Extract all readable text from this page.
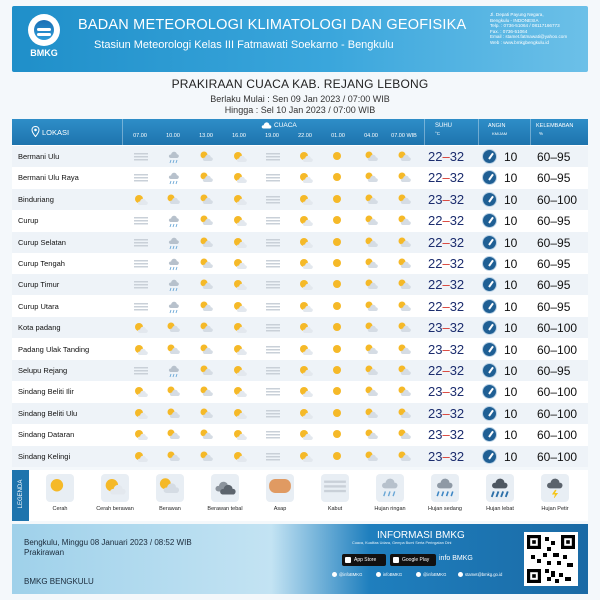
BMKG
BADAN METEOROLOGI KLIMATOLOGI DAN GEOFISIKA
Stasiun Meteorologi Kelas III Fatmawati Soekarno - Bengkulu
Jl. Depati Payung Negara,
Bengkulu - INDONESIA
Telp. : 0736-51064 / 08117166773
Fax. : 0736-51064
Email : stamet.fatmawati@yahoo.com
Web : www.bmkgbengkulu.id
PRAKIRAAN CUACA KAB. REJANG LEBONG
Berlaku Mulai : Sen 09 Jan 2023 / 07:00 WIB
Hingga : Sel 10 Jan 2023 / 07:00 WIB
LOKASI
CUACA
07.00	10.00	13.00	16.00	19.00	22.00	01.00	04.00	07.00 WIB
SUHU
°C
ANGIN
KM/JAM
KELEMBABAN
%
Bermani Ulu	22–32	10 60–95
Bermani Ulu Raya	22–32	10 60–95
Binduriang	23–32	10 60–100
Curup	22–32	10 60–95
Curup Selatan	22–32	10 60–95
Curup Tengah	22–32	10 60–95
Curup Timur	22–32	10 60–95
Curup Utara	22–32	10 60–95
Kota padang	23–32	10 60–100
Padang Ulak Tanding	23–32	10 60–100
Selupu Rejang	22–32	10 60–95
Sindang Beliti Ilir	23–32	10 60–100
Sindang Beliti Ulu	23–32	10 60–100
Sindang Dataran	23–32	10 60–100
Sindang Kelingi	23–32	10 60–100
LEGENDA
Cerah	Cerah berawan	Berawan	Berawan tebal	Asap	Kabut	Hujan ringan	Hujan sedang	Hujan lebat	Hujan Petir
Bengkulu, Minggu 08 Januari 2023 / 08:52 WIB
Prakirawan
BMKG BENGKULU
INFORMASI BMKG
Cuaca, Kualitas Udara, Gempa Bumi Serta Peringatan Dini
App Store	Google Play	info BMKG
@infoBMKG	infoBMKG	@infoBMKG	stamet@bmkg.go.id
